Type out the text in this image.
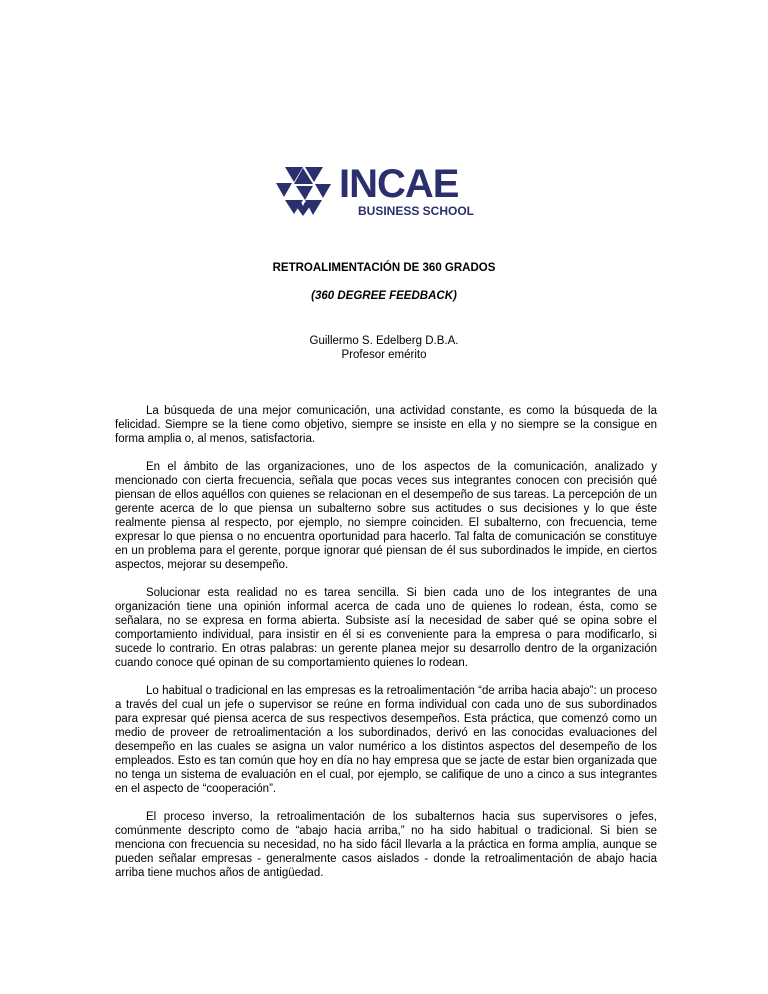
INCAE
BUSINESS SCHOOL
RETROALIMENTACIÓN DE 360 GRADOS
(360 DEGREE FEEDBACK)
Guillermo S. Edelberg D.B.A.
Profesor emérito

La búsqueda de una mejor comunicación, una actividad constante, es como la búsqueda de la felicidad. Siempre se la tiene como objetivo, siempre se insiste en ella y no siempre se la consigue en forma amplia o, al menos, satisfactoria.

En el ámbito de las organizaciones, uno de los aspectos de la comunicación, analizado y mencionado con cierta frecuencia, señala que pocas veces sus integrantes conocen con precisión qué piensan de ellos aquéllos con quienes se relacionan en el desempeño de sus tareas. La percepción de un gerente acerca de lo que piensa un subalterno sobre sus actitudes o sus decisiones y lo que éste realmente piensa al respecto, por ejemplo, no siempre coinciden. El subalterno, con frecuencia, teme expresar lo que piensa o no encuentra oportunidad para hacerlo. Tal falta de comunicación se constituye en un problema para el gerente, porque ignorar qué piensan de él sus subordinados le impide, en ciertos aspectos, mejorar su desempeño.

Solucionar esta realidad no es tarea sencilla. Si bien cada uno de los integrantes de una organización tiene una opinión informal acerca de cada uno de quienes lo rodean, ésta, como se señalara, no se expresa en forma abierta. Subsiste así la necesidad de saber qué se opina sobre el comportamiento individual, para insistir en él si es conveniente para la empresa o para modificarlo, si sucede lo contrario. En otras palabras: un gerente planea mejor su desarrollo dentro de la organización cuando conoce qué opinan de su comportamiento quienes lo rodean.

Lo habitual o tradicional en las empresas es la retroalimentación “de arriba hacia abajo”: un proceso a través del cual un jefe o supervisor se reúne en forma individual con cada uno de sus subordinados para expresar qué piensa acerca de sus respectivos desempeños. Esta práctica, que comenzó como un medio de proveer de retroalimentación a los subordinados, derivó en las conocidas evaluaciones del desempeño en las cuales se asigna un valor numérico a los distintos aspectos del desempeño de los empleados. Esto es tan común que hoy en día no hay empresa que se jacte de estar bien organizada que no tenga un sistema de evaluación en el cual, por ejemplo, se califique de uno a cinco a sus integrantes en el aspecto de “cooperación”.

El proceso inverso, la retroalimentación de los subalternos hacia sus supervisores o jefes, comúnmente descripto como de “abajo hacia arriba,” no ha sido habitual o tradicional. Si bien se menciona con frecuencia su necesidad, no ha sido fácil llevarla a la práctica en forma amplia, aunque se pueden señalar empresas - generalmente casos aislados - donde la retroalimentación de abajo hacia arriba tiene muchos años de antigüedad.
